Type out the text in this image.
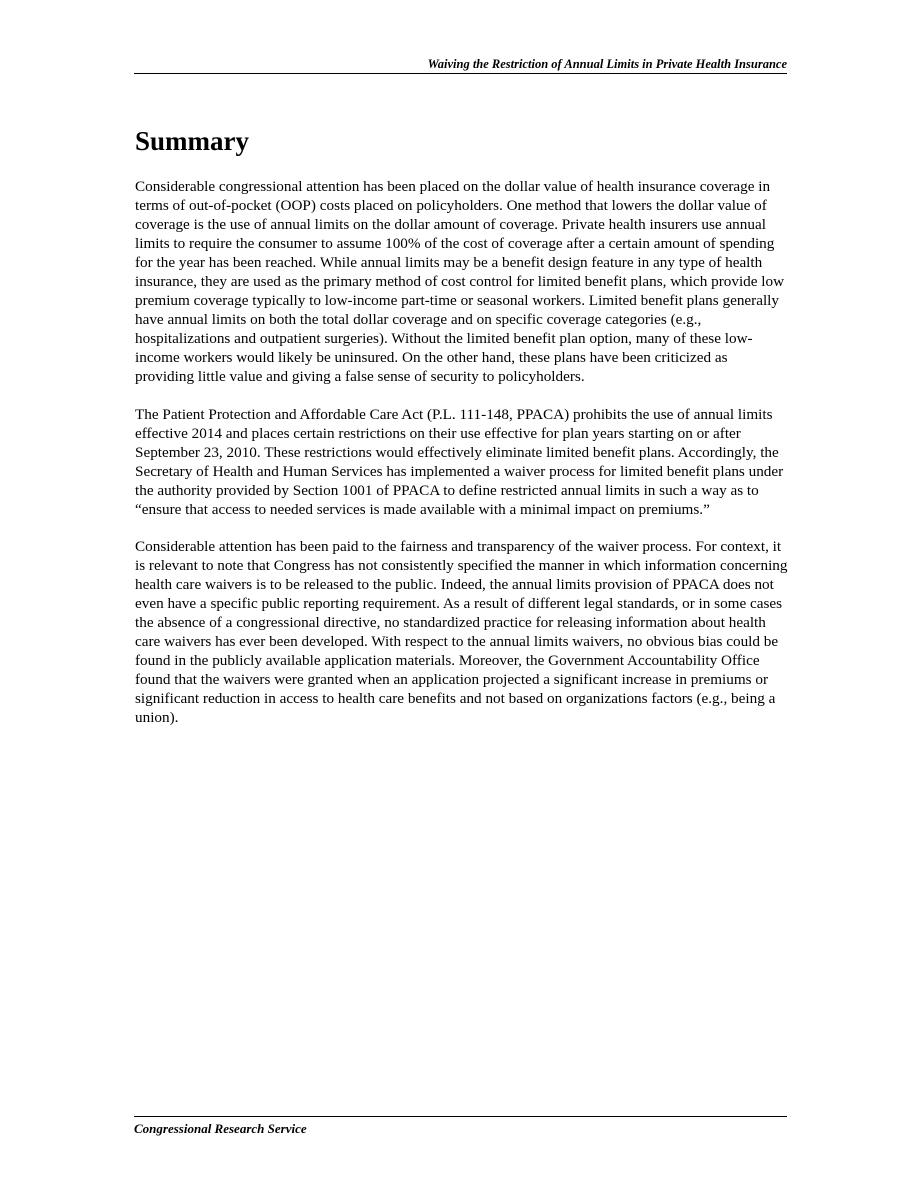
Waiving the Restriction of Annual Limits in Private Health Insurance
Summary

Considerable congressional attention has been placed on the dollar value of health insurance coverage in terms of out-of-pocket (OOP) costs placed on policyholders. One method that lowers the dollar value of coverage is the use of annual limits on the dollar amount of coverage. Private health insurers use annual limits to require the consumer to assume 100% of the cost of coverage after a certain amount of spending for the year has been reached. While annual limits may be a benefit design feature in any type of health insurance, they are used as the primary method of cost control for limited benefit plans, which provide low premium coverage typically to low-income part-time or seasonal workers. Limited benefit plans generally have annual limits on both the total dollar coverage and on specific coverage categories (e.g., hospitalizations and outpatient surgeries). Without the limited benefit plan option, many of these low-income workers would likely be uninsured. On the other hand, these plans have been criticized as providing little value and giving a false sense of security to policyholders.

The Patient Protection and Affordable Care Act (P.L. 111-148, PPACA) prohibits the use of annual limits effective 2014 and places certain restrictions on their use effective for plan years starting on or after September 23, 2010. These restrictions would effectively eliminate limited benefit plans. Accordingly, the Secretary of Health and Human Services has implemented a waiver process for limited benefit plans under the authority provided by Section 1001 of PPACA to define restricted annual limits in such a way as to “ensure that access to needed services is made available with a minimal impact on premiums.”

Considerable attention has been paid to the fairness and transparency of the waiver process. For context, it is relevant to note that Congress has not consistently specified the manner in which information concerning health care waivers is to be released to the public. Indeed, the annual limits provision of PPACA does not even have a specific public reporting requirement. As a result of different legal standards, or in some cases the absence of a congressional directive, no standardized practice for releasing information about health care waivers has ever been developed. With respect to the annual limits waivers, no obvious bias could be found in the publicly available application materials. Moreover, the Government Accountability Office found that the waivers were granted when an application projected a significant increase in premiums or significant reduction in access to health care benefits and not based on organizations factors (e.g., being a union).

Congressional Research Service
